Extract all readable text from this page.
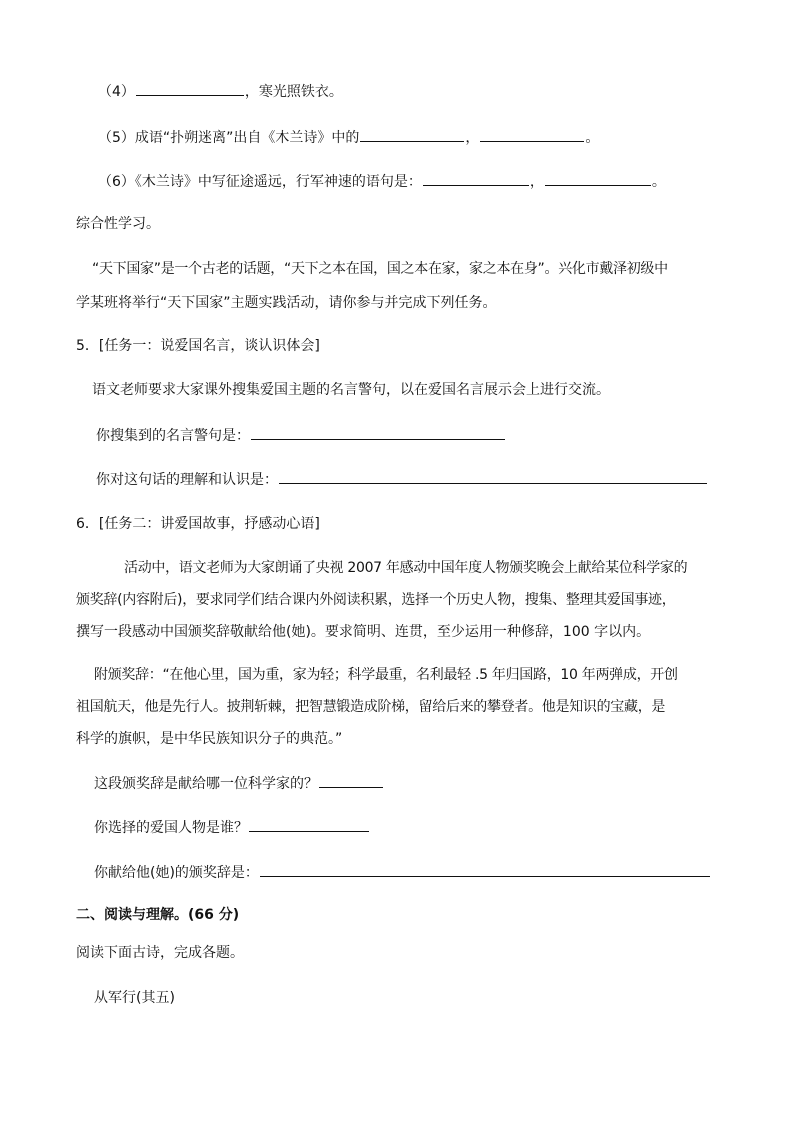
（4）	，寒光照铁衣。
（5）成语“扑朔迷离”出自《木兰诗》中的	，	。
（6）《木兰诗》中写征途遥远，行军神速的语句是：	，	。
综合性学习。
“天下国家”是一个古老的话题，“天下之本在国，国之本在家，家之本在身”。兴化市戴泽初级中
学某班将举行“天下国家”主题实践活动，请你参与并完成下列任务。
5．[任务一：说爱国名言，谈认识体会]
语文老师要求大家课外搜集爱国主题的名言警句，以在爱国名言展示会上进行交流。
你搜集到的名言警句是：
你对这句话的理解和认识是：
6．[任务二：讲爱国故事，抒感动心语]
活动中，语文老师为大家朗诵了央视 2007 年感动中国年度人物颁奖晚会上献给某位科学家的
颁奖辞(内容附后)，要求同学们结合课内外阅读积累，选择一个历史人物，搜集、整理其爱国事迹，
撰写一段感动中国颁奖辞敬献给他(她)。要求简明、连贯，至少运用一种修辞，100 字以内。
附颁奖辞：“在他心里，国为重，家为轻；科学最重，名利最轻 .5 年归国路，10 年两弹成，开创
祖国航天，他是先行人。披荆斩棘，把智慧锻造成阶梯，留给后来的攀登者。他是知识的宝藏，是
科学的旗帜，是中华民族知识分子的典范。”
这段颁奖辞是献给哪一位科学家的？
你选择的爱国人物是谁？
你献给他(她)的颁奖辞是：
二、阅读与理解。(66 分)
阅读下面古诗，完成各题。
从军行(其五)
